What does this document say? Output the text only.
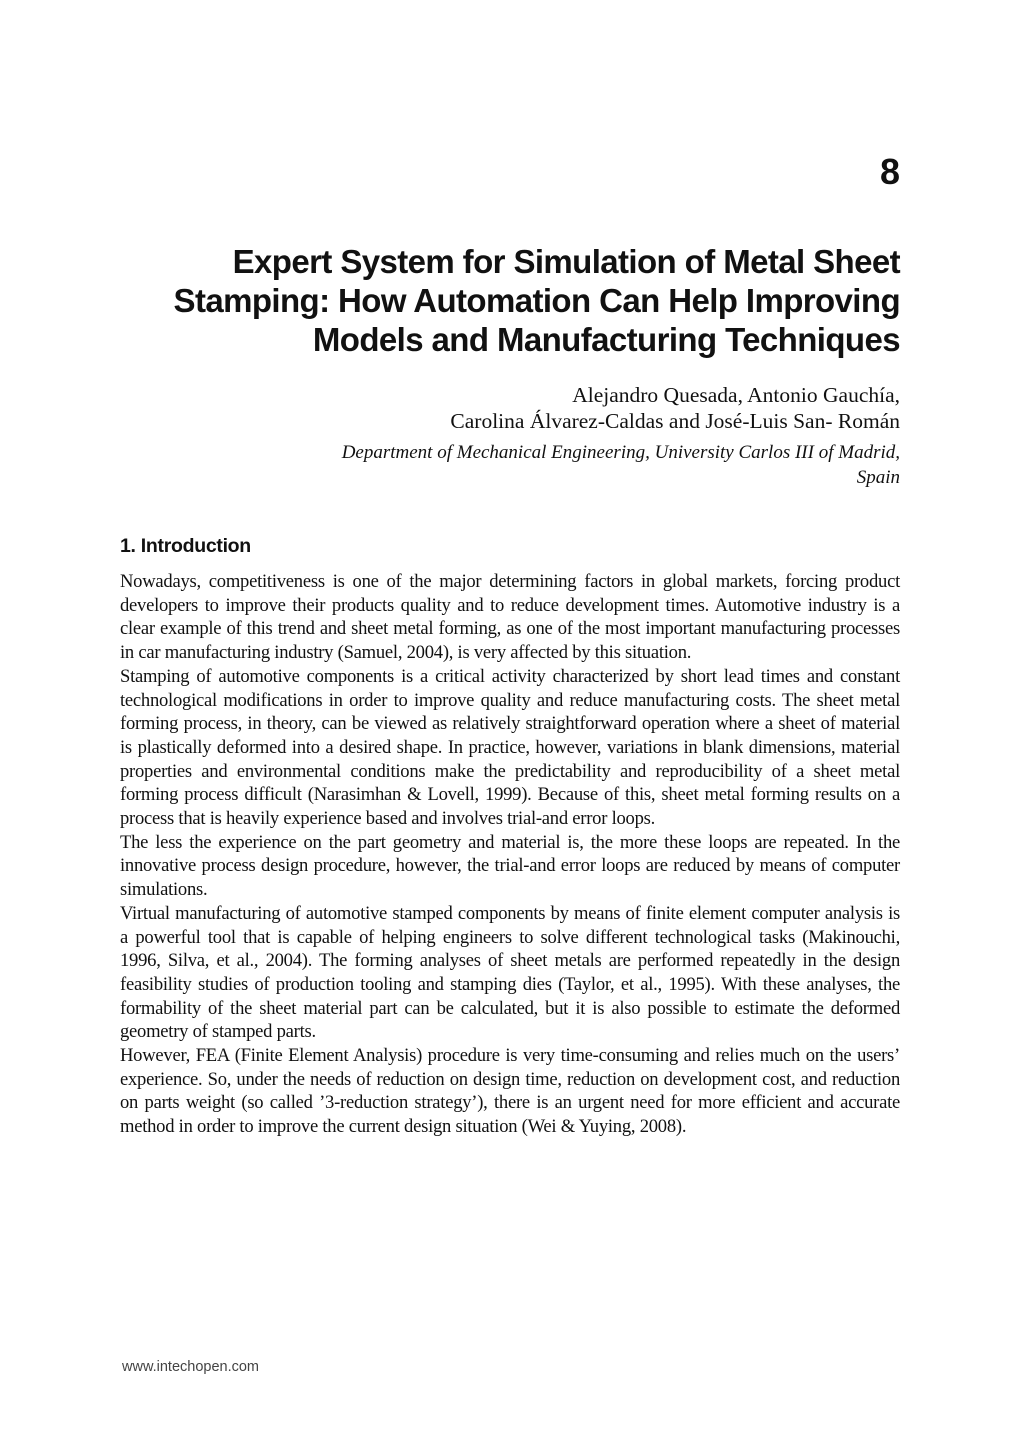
8
Expert System for Simulation of Metal Sheet
Stamping: How Automation Can Help Improving
Models and Manufacturing Techniques
Alejandro Quesada, Antonio Gauchía,
Carolina Álvarez-Caldas and José-Luis San- Román
Department of Mechanical Engineering, University Carlos III of Madrid,
Spain
1. Introduction

Nowadays, competitiveness is one of the major determining factors in global markets, forcing product developers to improve their products quality and to reduce development times. Automotive industry is a clear example of this trend and sheet metal forming, as one of the most important manufacturing processes in car manufacturing industry (Samuel, 2004), is very affected by this situation.

Stamping of automotive components is a critical activity characterized by short lead times and constant technological modifications in order to improve quality and reduce manufacturing costs. The sheet metal forming process, in theory, can be viewed as relatively straightforward operation where a sheet of material is plastically deformed into a desired shape. In practice, however, variations in blank dimensions, material properties and environmental conditions make the predictability and reproducibility of a sheet metal forming process difficult (Narasimhan & Lovell, 1999). Because of this, sheet metal forming results on a process that is heavily experience based and involves trial-and error loops.

The less the experience on the part geometry and material is, the more these loops are repeated. In the innovative process design procedure, however, the trial-and error loops are reduced by means of computer simulations.

Virtual manufacturing of automotive stamped components by means of finite element computer analysis is a powerful tool that is capable of helping engineers to solve different technological tasks (Makinouchi, 1996, Silva, et al., 2004). The forming analyses of sheet metals are performed repeatedly in the design feasibility studies of production tooling and stamping dies (Taylor, et al., 1995). With these analyses, the formability of the sheet material part can be calculated, but it is also possible to estimate the deformed geometry of stamped parts.

However, FEA (Finite Element Analysis) procedure is very time-consuming and relies much on the users’ experience. So, under the needs of reduction on design time, reduction on development cost, and reduction on parts weight (so called ’3-reduction strategy’), there is an urgent need for more efficient and accurate method in order to improve the current design situation (Wei & Yuying, 2008).

www.intechopen.com
